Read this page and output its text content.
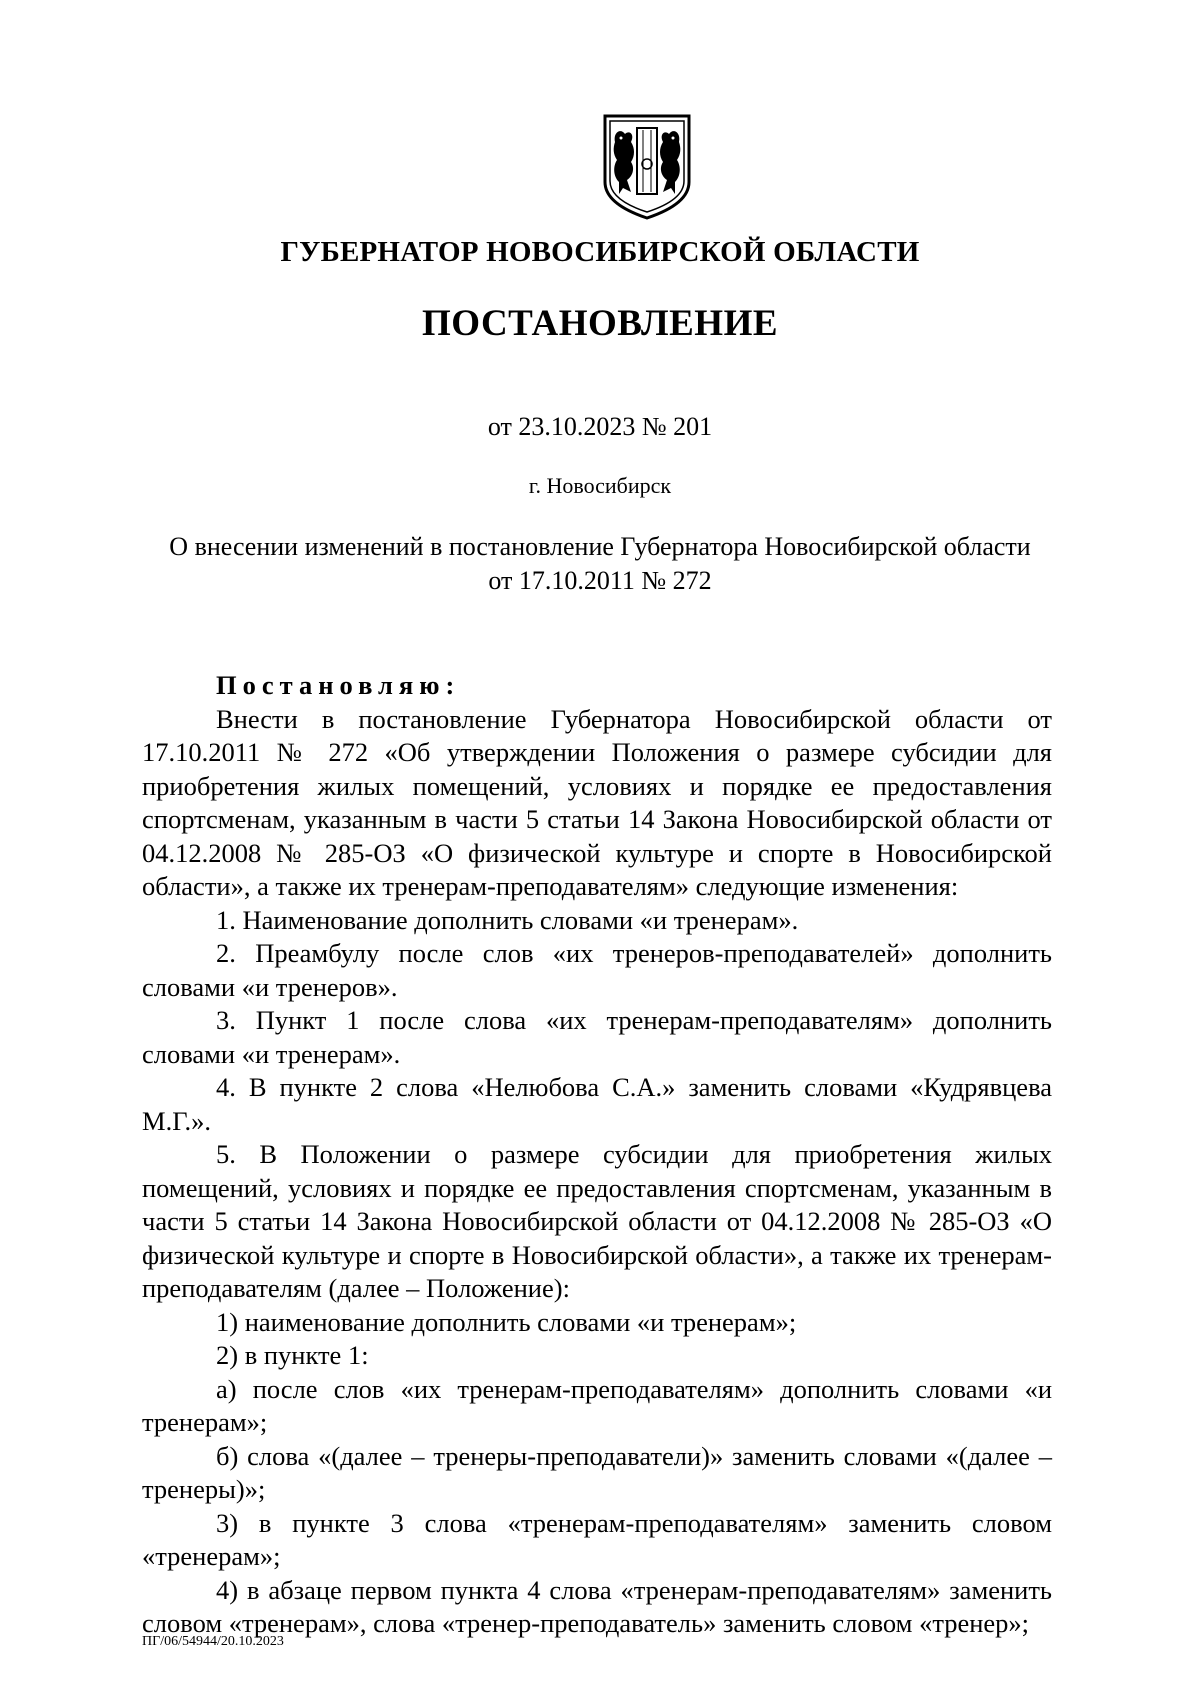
ГУБЕРНАТОР НОВОСИБИРСКОЙ ОБЛАСТИ
ПОСТАНОВЛЕНИЕ
от 23.10.2023 № 201
г. Новосибирск
О внесении изменений в постановление Губернатора Новосибирской области
от 17.10.2011 № 272

Постановляю:

Внести в постановление Губернатора Новосибирской области от 17.10.2011 № 272 «Об утверждении Положения о размере субсидии для приобретения жилых помещений, условиях и порядке ее предоставления спортсменам, указанным в части 5 статьи 14 Закона Новосибирской области от 04.12.2008 № 285-ОЗ «О физической культуре и спорте в Новосибирской области», а также их тренерам-преподавателям» следующие изменения:

1. Наименование дополнить словами «и тренерам».

2. Преамбулу после слов «их тренеров-преподавателей» дополнить словами «и тренеров».

3. Пункт 1 после слова «их тренерам-преподавателям» дополнить словами «и тренерам».

4. В пункте 2 слова «Нелюбова С.А.» заменить словами «Кудрявцева М.Г.».

5. В Положении о размере субсидии для приобретения жилых помещений, условиях и порядке ее предоставления спортсменам, указанным в части 5 статьи 14 Закона Новосибирской области от 04.12.2008 № 285-ОЗ «О физической культуре и спорте в Новосибирской области», а также их тренерам-преподавателям (далее – Положение):

1) наименование дополнить словами «и тренерам»;

2) в пункте 1:

а) после слов «их тренерам-преподавателям» дополнить словами «и тренерам»;

б) слова «(далее – тренеры-преподаватели)» заменить словами «(далее – тренеры)»;

3) в пункте 3 слова «тренерам-преподавателям» заменить словом «тренерам»;

4) в абзаце первом пункта 4 слова «тренерам-преподавателям» заменить словом «тренерам», слова «тренер-преподаватель» заменить словом «тренер»;

ПГ/06/54944/20.10.2023
